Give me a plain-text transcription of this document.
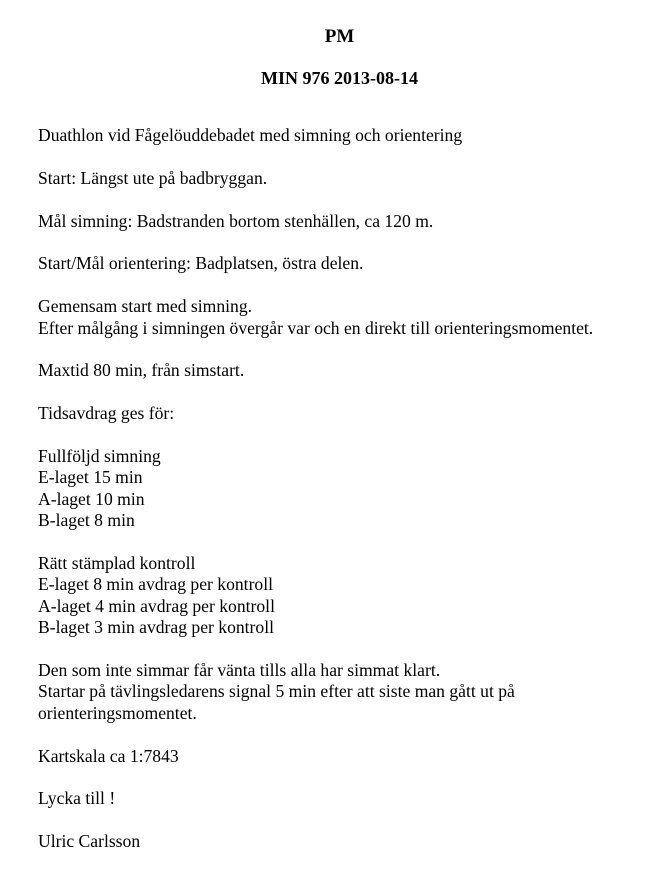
PM
MIN 976 2013-08-14

Duathlon vid Fågelöuddebadet med simning och orientering

Start: Längst ute på badbryggan.

Mål simning: Badstranden bortom stenhällen, ca 120 m.

Start/Mål orientering: Badplatsen, östra delen.

Gemensam start med simning.
Efter målgång i simningen övergår var och en direkt till orienteringsmomentet.

Maxtid 80 min, från simstart.

Tidsavdrag ges för:

Fullföljd simning
E-laget 15 min
A-laget 10 min
B-laget 8 min

Rätt stämplad kontroll
E-laget 8 min avdrag per kontroll
A-laget 4 min avdrag per kontroll
B-laget 3 min avdrag per kontroll

Den som inte simmar får vänta tills alla har simmat klart.
Startar på tävlingsledarens signal 5 min efter att siste man gått ut på
orienteringsmomentet.

Kartskala ca 1:7843

Lycka till !

Ulric Carlsson
